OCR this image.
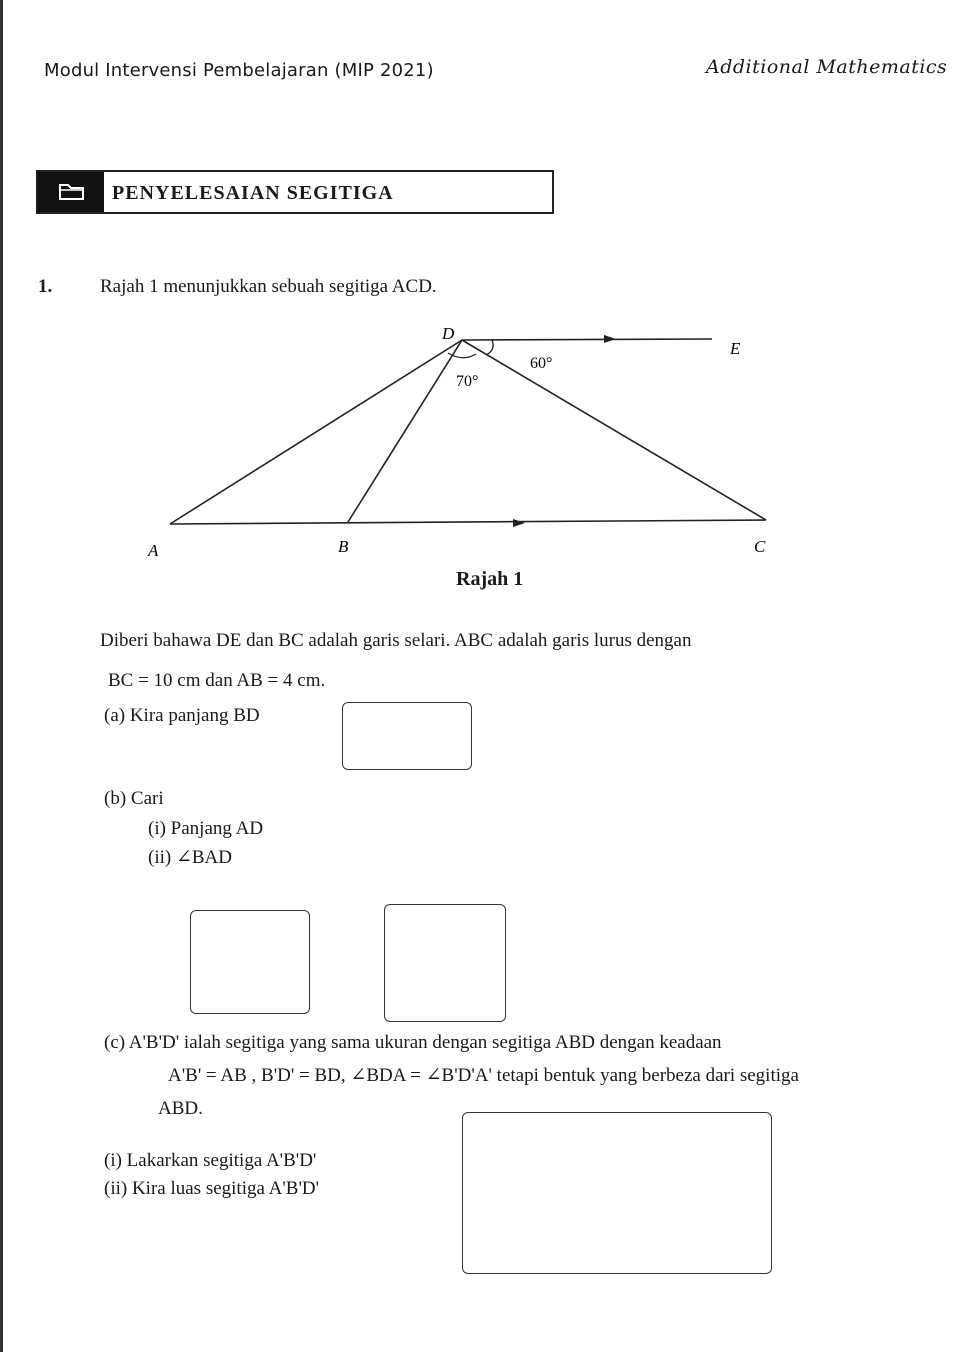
Modul Intervensi Pembelajaran (MIP 2021)	Additional Mathematics
PENYELESAIAN SEGITIGA
1.	Rajah 1 menunjukkan sebuah segitiga ACD.
D
E
A	B	C
70°
60°
Rajah 1
Diberi bahawa DE dan BC adalah garis selari. ABC adalah garis lurus dengan
BC = 10 cm dan AB = 4 cm.
(a) Kira panjang BD
(b) Cari
(i) Panjang AD
(ii) ∠BAD
(c) A'B'D' ialah segitiga yang sama ukuran dengan segitiga ABD dengan keadaan
A'B' = AB , B'D' = BD, ∠BDA = ∠B'D'A' tetapi bentuk yang berbeza dari segitiga
ABD.
(i) Lakarkan segitiga A'B'D'
(ii) Kira luas segitiga A'B'D'
